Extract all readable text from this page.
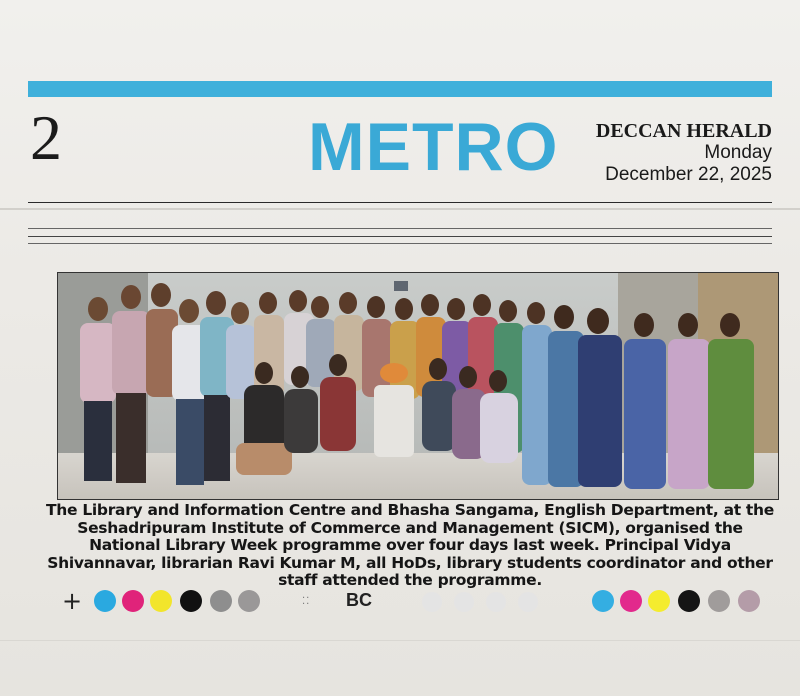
2	METRO DECCAN HERALD
Monday
December 22, 2025
The Library and Information Centre and Bhasha Sangama, English Department, at the Seshadripuram Institute of Commerce and Management (SICM), organised the National Library Week programme over four days last week. Principal Vidya Shivannavar, librarian Ravi Kumar M, all HoDs, library students coordinator and other staff attended the programme.
+	⁚⁚ BC
